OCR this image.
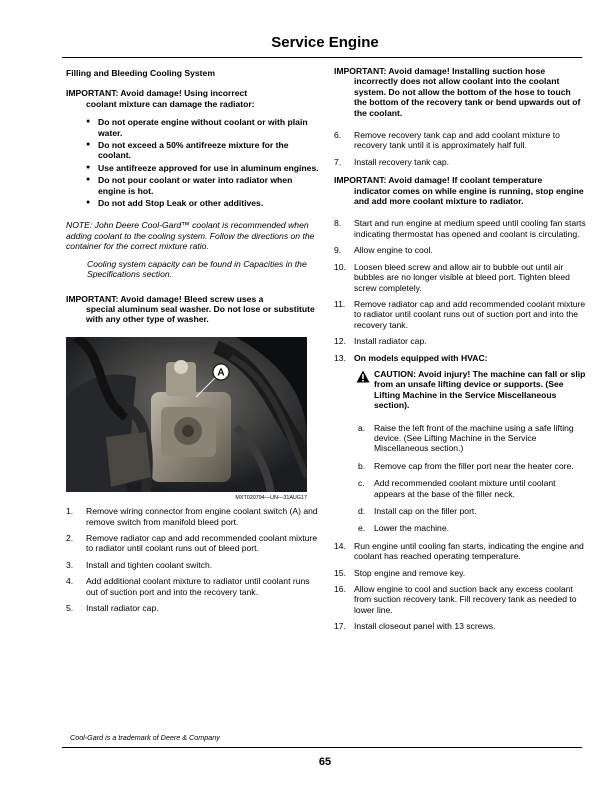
Service Engine
Filling and Bleeding Cooling System
IMPORTANT: Avoid damage! Using incorrect
coolant mixture can damage the radiator:
● Do not operate engine without coolant or with plain water.
● Do not exceed a 50% antifreeze mixture for the coolant.
● Use antifreeze approved for use in aluminum engines.
● Do not pour coolant or water into radiator when engine is hot.
● Do not add Stop Leak or other additives.
NOTE: John Deere Cool-Gard™ coolant is recommended when adding coolant to the cooling system. Follow the directions on the container for the correct mixture ratio.
Cooling system capacity can be found in Capacities in the Specifications section.
IMPORTANT: Avoid damage! Bleed screw uses a
special aluminum seal washer. Do not lose or substitute with any other type of washer.
A
MXT020794—UN—31AUG17
1. Remove wiring connector from engine coolant switch (A) and remove switch from manifold bleed port.
2. Remove radiator cap and add recommended coolant mixture to radiator until coolant runs out of bleed port.
3. Install and tighten coolant switch.
4. Add additional coolant mixture to radiator until coolant runs out of suction port and into the recovery tank.
5. Install radiator cap.
IMPORTANT: Avoid damage! Installing suction hose
incorrectly does not allow coolant into the coolant system. Do not allow the bottom of the hose to touch the bottom of the recovery tank or bend upwards out of the coolant.
6. Remove recovery tank cap and add coolant mixture to recovery tank until it is approximately half full.
7. Install recovery tank cap.
IMPORTANT: Avoid damage! If coolant temperature
indicator comes on while engine is running, stop engine and add more coolant mixture to radiator.
8. Start and run engine at medium speed until cooling fan starts indicating thermostat has opened and coolant is circulating.
9. Allow engine to cool.
10. Loosen bleed screw and allow air to bubble out until air bubbles are no longer visible at bleed port. Tighten bleed screw completely.
11. Remove radiator cap and add recommended coolant mixture to radiator until coolant runs out of suction port and into the recovery tank.
12. Install radiator cap.
13. On models equipped with HVAC:
CAUTION: Avoid injury! The machine can fall or slip from an unsafe lifting device or supports. (See Lifting Machine in the Service Miscellaneous section).
a. Raise the left front of the machine using a safe lifting device. (See Lifting Machine in the Service Miscellaneous section.)
b. Remove cap from the filler port near the heater core.
c. Add recommended coolant mixture until coolant appears at the base of the filler neck.
d. Install cap on the filler port.
e. Lower the machine.
14. Run engine until cooling fan starts, indicating the engine and coolant has reached operating temperature.
15. Stop engine and remove key.
16. Allow engine to cool and suction back any excess coolant from suction recovery tank. Fill recovery tank as needed to lower line.
17. Install closeout panel with 13 screws.
Cool-Gard is a trademark of Deere & Company
65
